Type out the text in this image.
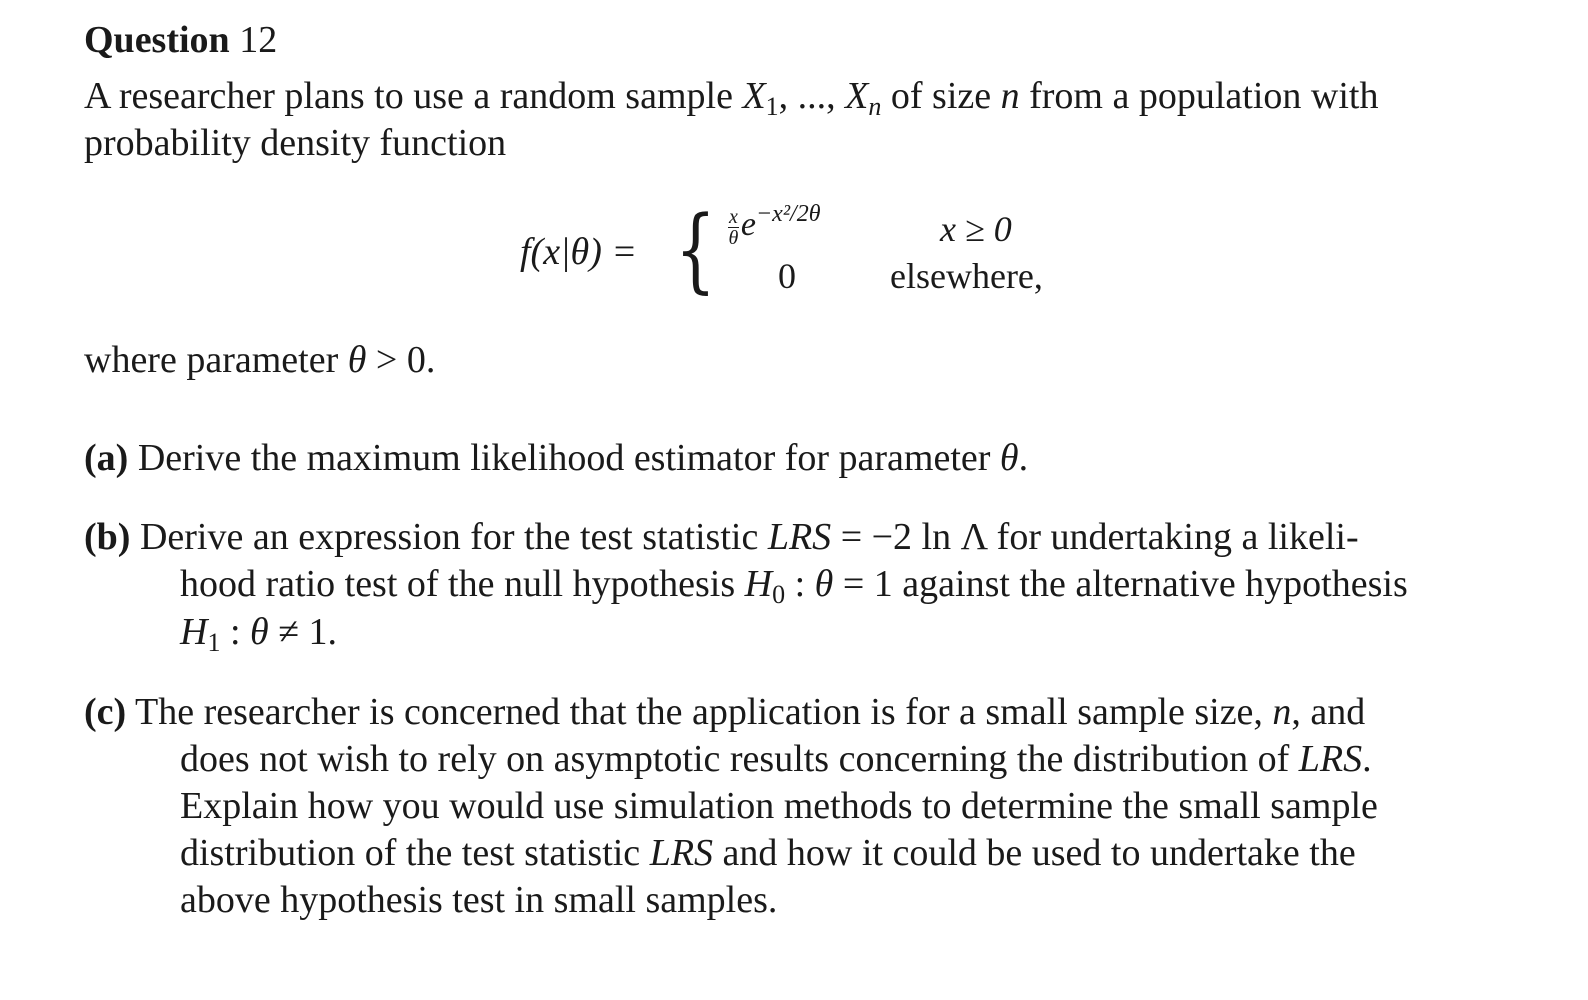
Question 12
A researcher plans to use a random sample $X_1$, ..., $X_n$ of size n from a population with
probability density function
f(x|θ) = { $\frac{x}{\theta} e^{-x^2/2\theta}$	x ≥ 0
0	elsewhere,
where parameter θ > 0.
(a) Derive the maximum likelihood estimator for parameter θ.
(b) Derive an expression for the test statistic LRS = −2 ln Λ for undertaking a likeli-
hood ratio test of the null hypothesis $H_0$ : θ = 1 against the alternative hypothesis
$H_1$ : θ ≠ 1.
(c) The researcher is concerned that the application is for a small sample size, n, and
does not wish to rely on asymptotic results concerning the distribution of LRS.
Explain how you would use simulation methods to determine the small sample
distribution of the test statistic LRS and how it could be used to undertake the
above hypothesis test in small samples.
